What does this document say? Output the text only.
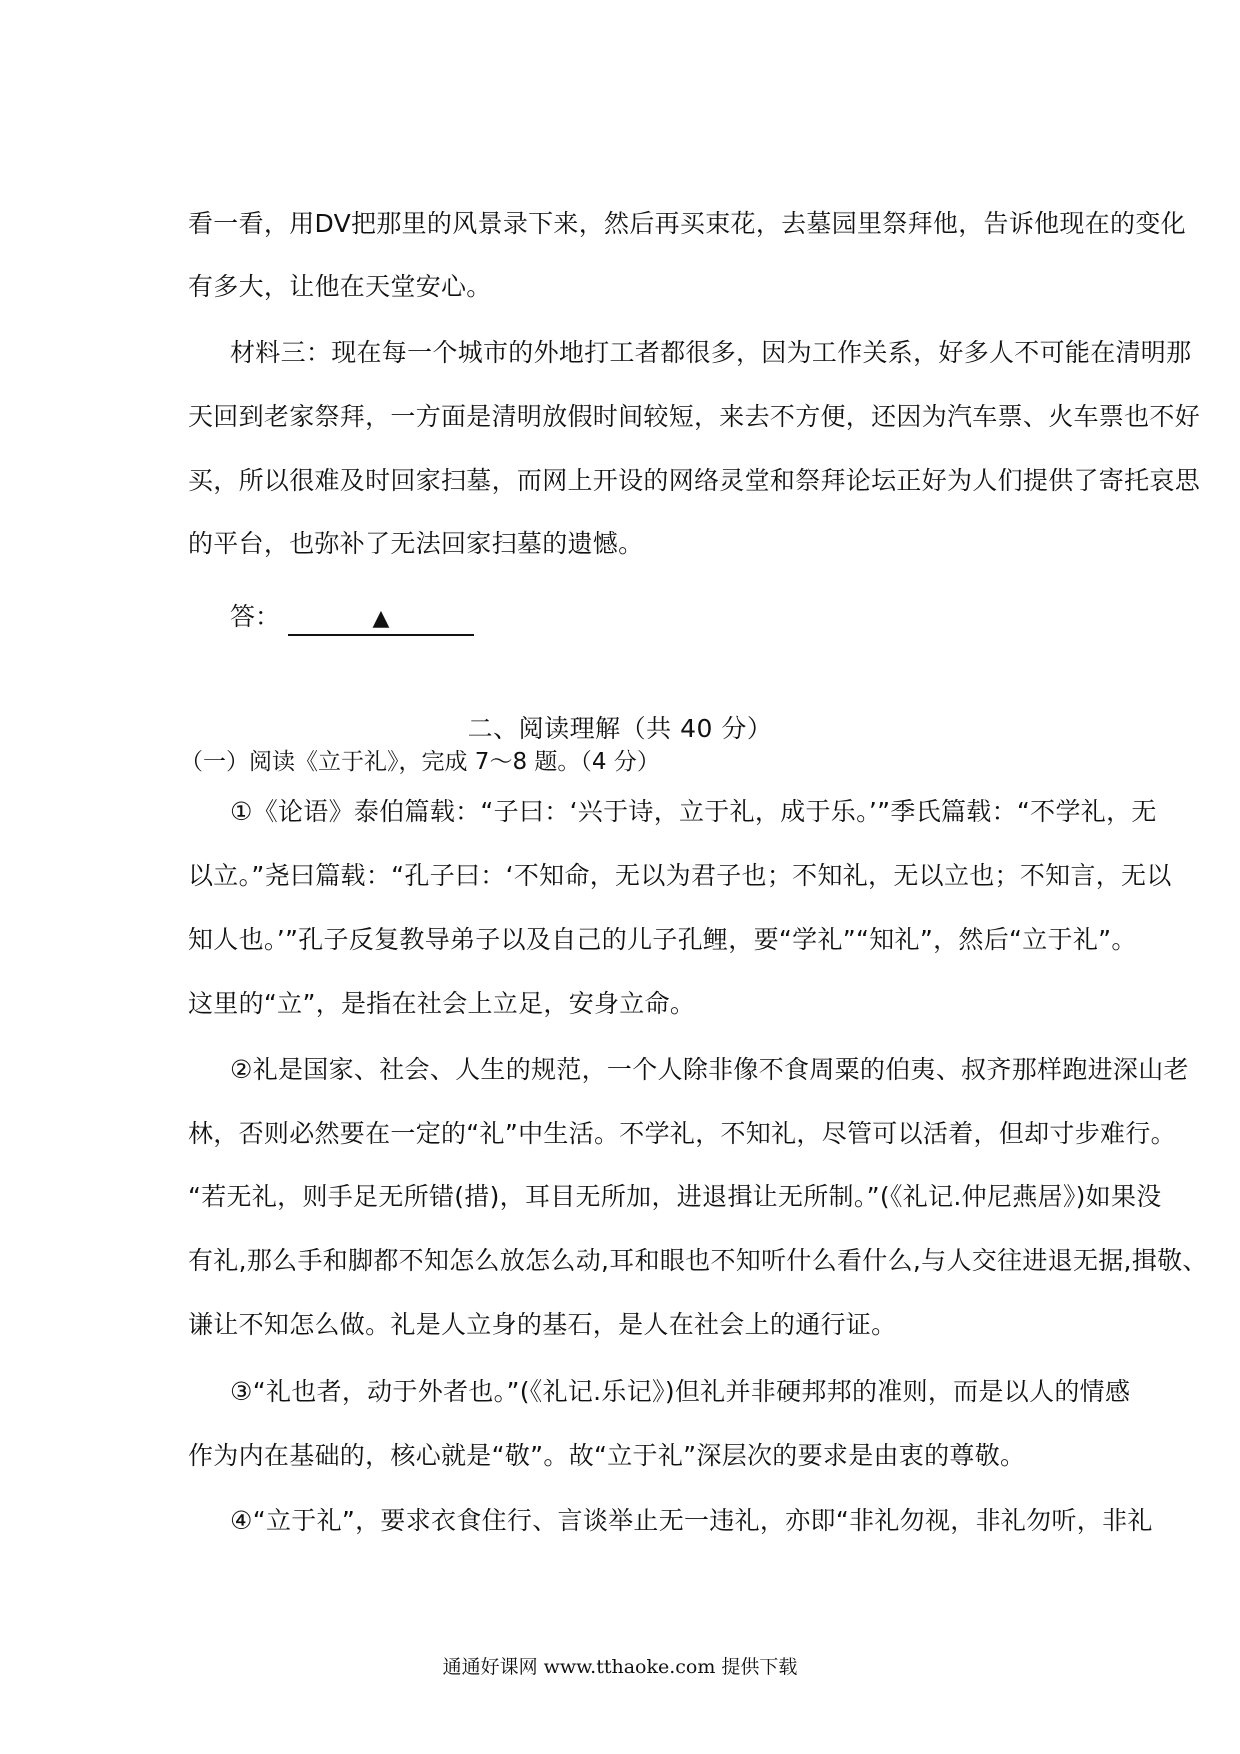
看一看，用DV把那里的风景录下来，然后再买束花，去墓园里祭拜他，告诉他现在的变化
有多大，让他在天堂安心。
材料三：现在每一个城市的外地打工者都很多，因为工作关系，好多人不可能在清明那
天回到老家祭拜，一方面是清明放假时间较短，来去不方便，还因为汽车票、火车票也不好
买，所以很难及时回家扫墓，而网上开设的网络灵堂和祭拜论坛正好为人们提供了寄托哀思
的平台，也弥补了无法回家扫墓的遗憾。
答：	▲
二、阅读理解（共 40 分）
（一）阅读《立于礼》，完成 7～8 题。（4 分）
①《论语》泰伯篇载：“子曰：‘兴于诗，立于礼，成于乐。’”季氏篇载：“不学礼，无
以立。”尧曰篇载：“孔子曰：‘不知命，无以为君子也；不知礼，无以立也；不知言，无以
知人也。’”孔子反复教导弟子以及自己的儿子孔鲤，要“学礼”“知礼”，然后“立于礼”。
这里的“立”，是指在社会上立足，安身立命。
②礼是国家、社会、人生的规范，一个人除非像不食周粟的伯夷、叔齐那样跑进深山老
林，否则必然要在一定的“礼”中生活。不学礼，不知礼，尽管可以活着，但却寸步难行。
“若无礼，则手足无所错(措)，耳目无所加，进退揖让无所制。”(《礼记.仲尼燕居》)如果没
有礼,那么手和脚都不知怎么放怎么动,耳和眼也不知听什么看什么,与人交往进退无据,揖敬、
谦让不知怎么做。礼是人立身的基石，是人在社会上的通行证。
③“礼也者，动于外者也。”(《礼记.乐记》)但礼并非硬邦邦的准则，而是以人的情感
作为内在基础的，核心就是“敬”。故“立于礼”深层次的要求是由衷的尊敬。
④“立于礼”，要求衣食住行、言谈举止无一违礼，亦即“非礼勿视，非礼勿听，非礼
通通好课网 www.tthaoke.com 提供下载
